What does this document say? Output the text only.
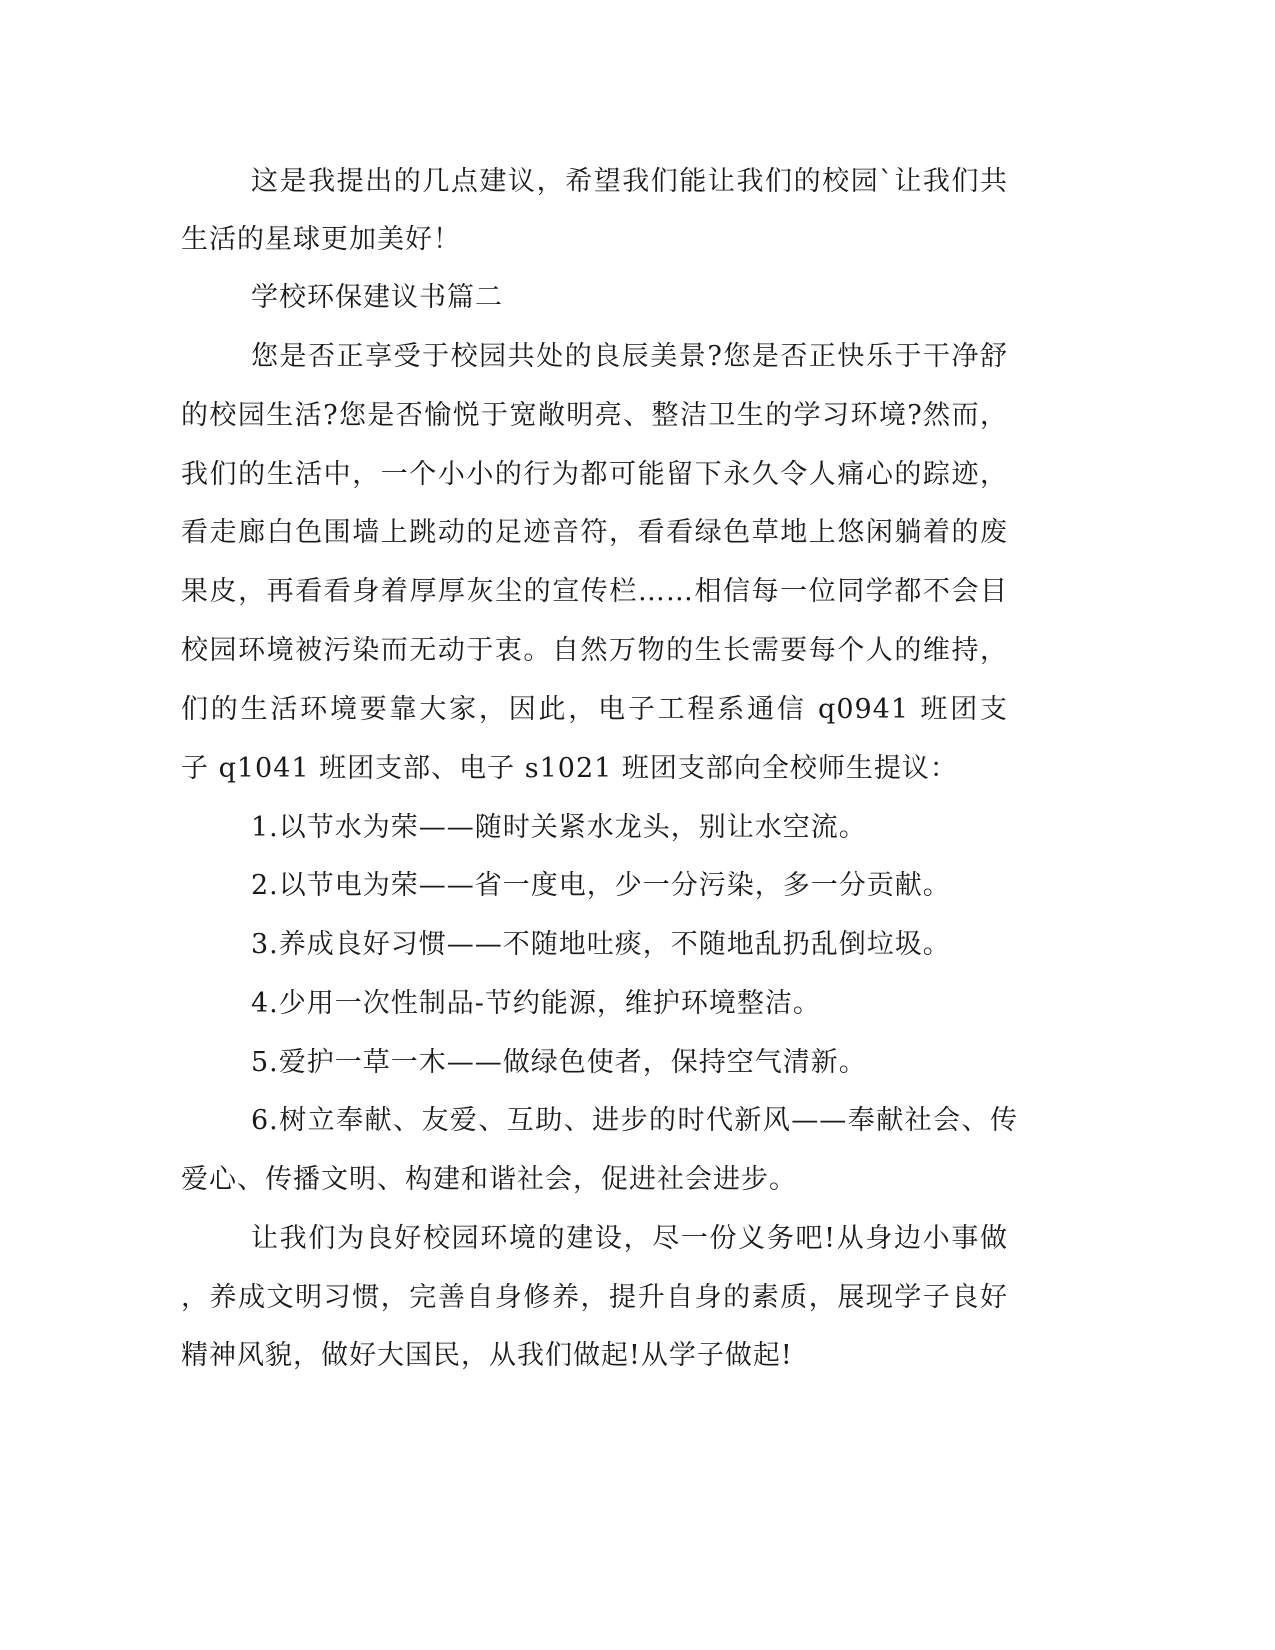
这是我提出的几点建议，希望我们能让我们的校园`让我们共
生活的星球更加美好！
学校环保建议书篇二
您是否正享受于校园共处的良辰美景?您是否正快乐于干净舒
的校园生活?您是否愉悦于宽敞明亮、整洁卫生的学习环境?然而，
我们的生活中，一个小小的行为都可能留下永久令人痛心的踪迹，
看走廊白色围墙上跳动的足迹音符，看看绿色草地上悠闲躺着的废
果皮，再看看身着厚厚灰尘的宣传栏……相信每一位同学都不会目
校园环境被污染而无动于衷。自然万物的生长需要每个人的维持，
们的生活环境要靠大家，因此，电子工程系通信 q0941 班团支
子 q1041 班团支部、电子 s1021 班团支部向全校师生提议：
1.以节水为荣——随时关紧水龙头，别让水空流。
2.以节电为荣——省一度电，少一分污染，多一分贡献。
3.养成良好习惯——不随地吐痰，不随地乱扔乱倒垃圾。
4.少用一次性制品-节约能源，维护环境整洁。
5.爱护一草一木——做绿色使者，保持空气清新。
6.树立奉献、友爱、互助、进步的时代新风——奉献社会、传
爱心、传播文明、构建和谐社会，促进社会进步。
让我们为良好校园环境的建设，尽一份义务吧!从身边小事做
，养成文明习惯，完善自身修养，提升自身的素质，展现学子良好
精神风貌，做好大国民，从我们做起!从学子做起!
